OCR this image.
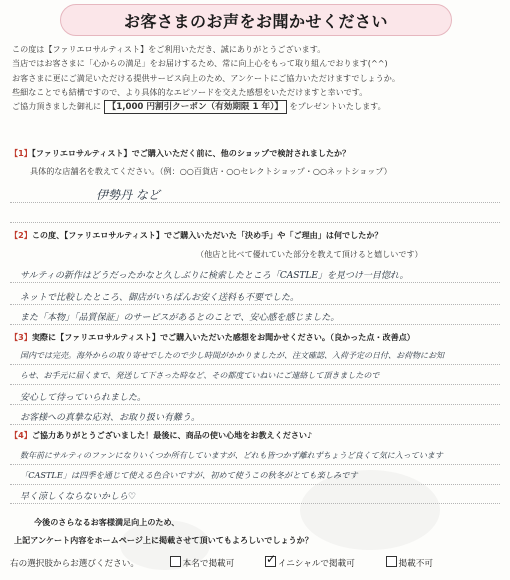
お客さまのお声をお聞かせください
この度は【ファリエロサルティスト】をご利用いただき、誠にありがとうございます。
当店ではお客さまに「心からの満足」をお届けするため、常に向上心をもって取り組んでおります(^^)
お客さまに更にご満足いただける提供サービス向上のため、アンケートにご協力いただけますでしょうか。
些細なことでも結構ですので、より具体的なエピソードを交えた感想をいただけますと幸いです。
ご協力頂きました御礼に 【1,000 円割引クーポン（有効期限 1 年）】 をプレゼントいたします。
【1】【ファリエロサルティスト】でご購入いただく前に、他のショップで検討されましたか？
具体的な店舗名を教えてください。（例：○○百貨店・○○セレクトショップ・○○ネットショップ）
伊勢丹 など
【2】この度、【ファリエロサルティスト】でご購入いただいた「決め手」や「ご理由」は何でしたか？
（他店と比べて優れていた部分を教えて頂けると嬉しいです）
サルティの新作はどうだったかなと久しぶりに検索したところ「CASTLE」を見つけ一目惚れ。
ネットで比較したところ、御店がいちばんお安く送料も不要でした。
また「本物」「品質保証」のサービスがあるとのことで、安心感を感じました。
【3】実際に【ファリエロサルティスト】でご購入いただいた感想をお聞かせください。（良かった点・改善点）
国内では完売。海外からの取り寄せでしたので少し時間がかかりましたが、注文確認、入荷予定の日付、お荷物にお知
らせ、お手元に届くまで、発送して下さった時など、その都度ていねいにご連絡して頂きましたので
安心して待っていられました。
お客様への真摯な応対、お取り扱い有難う。
【4】ご協力ありがとうございました！最後に、商品の使い心地をお教えください♪
数年前にサルティのファンになりいくつか所有していますが、どれも皆つかず離れずちょうど良くて気に入っています
「CASTLE」は四季を通じて使える色合いですが、初めて使うこの秋冬がとても楽しみです
早く涼しくならないかしら♡
今後のさらなるお客様満足向上のため、
上記アンケート内容をホームページ上に掲載させて頂いてもよろしいでしょうか？
右の選択肢からお選びください。	本名で掲載可 ✓	イニシャルで掲載可	掲載不可
